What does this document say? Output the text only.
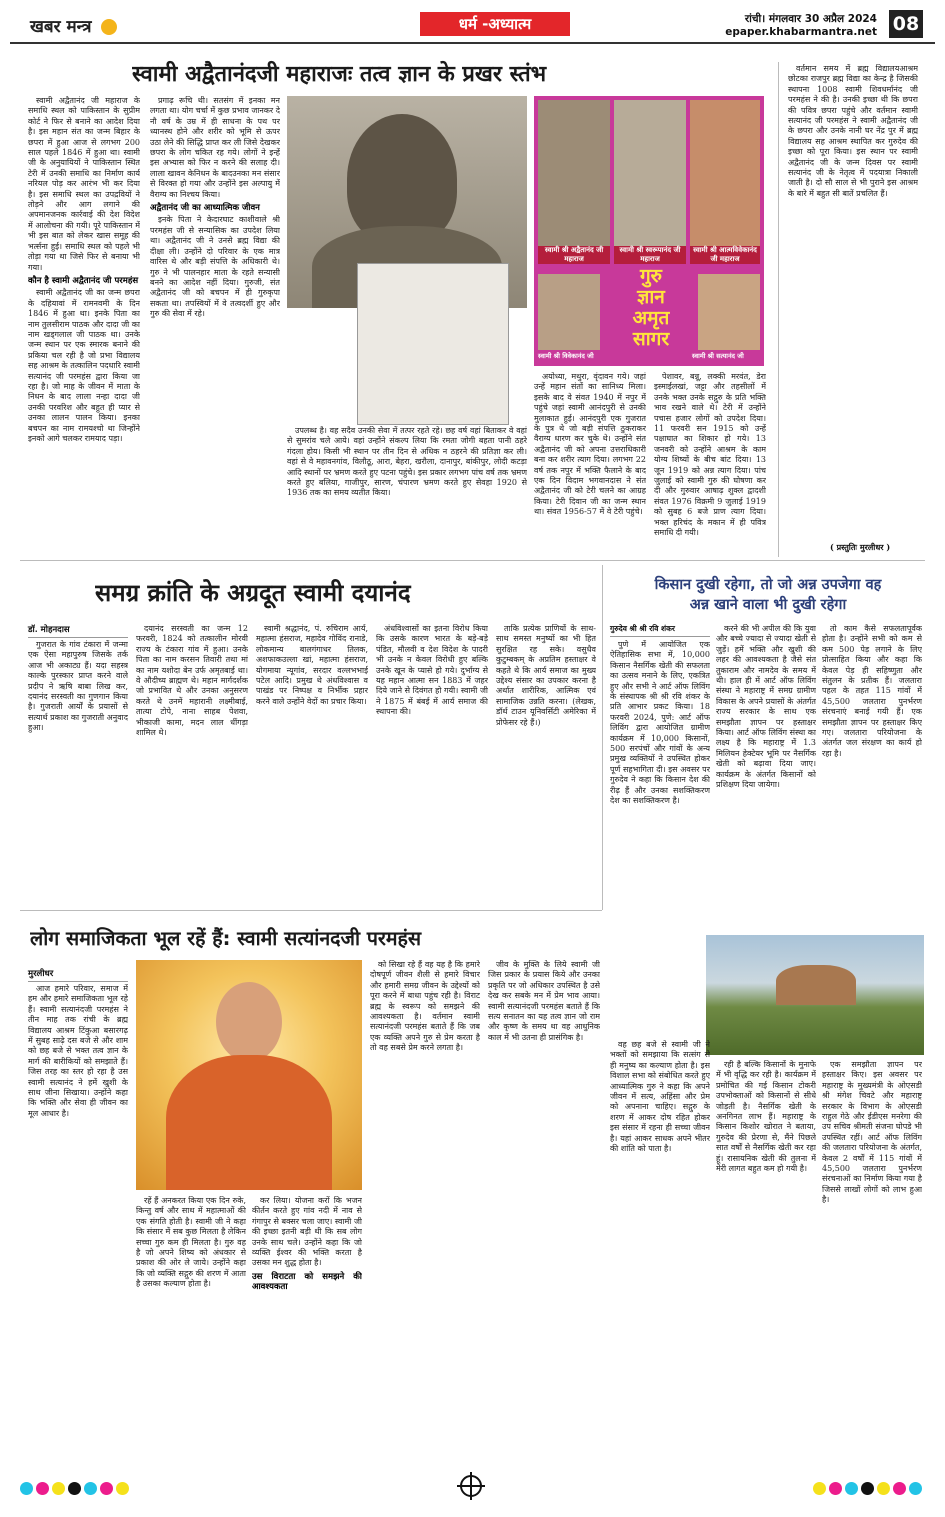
खबर मन्त्र	धर्म -अध्यात्म	रांची। मंगलवार 30 अप्रैल 2024
epaper.khabarmantra.net 08
स्वामी अद्वैतानंदजी महाराजः तत्व ज्ञान के प्रखर स्तंभ

स्वामी अद्वैतानंद जी महाराज के समाधि स्थल को पाकिस्तान के सुप्रीम कोर्ट ने फिर से बनाने का आदेश दिया है। इस महान संत का जन्म बिहार के छपरा में हुआ आज से लगभग 200 साल पहले 1846 में हुआ था। स्वामी जी के अनुयायियों ने पाकिस्तान स्थित टेरी में उनकी समाधि का निर्माण कार्य नरियल पोड़ कर आरंभ भी कर दिया है। इस समाधि स्थल का उपद्रवियों ने तोड़ने और आग लगाने की अपमानजनक कार्रवाई की देश विदेश में आलोचना की गयी। पूरे पाकिस्तान में भी इस बात को लेकर खास समूह की भर्त्सना हुई। समाधि स्थल को पहले भी तोड़ा गया था जिसे फिर से बनाया भी गया।

कौन है स्वामी अद्वैतानंद जी परमहंस

स्वामी अद्वैतानंद जी का जन्म छपरा के दहियावां में रामनवमी के दिन 1846 में हुआ था। इनके पिता का नाम तुलसीराम पाठक और दादा जी का नाम खड्गलाल जी पाठक था। उनके जन्म स्थान पर एक स्मारक बनाने की प्रकिया चल रही है जो प्रभा विद्यालय सह आश्रम के तत्कालिन पदधारि स्वामी सत्यानंद जी परमहंस द्वारा किया जा रहा है। जो माह के जीवन में माता के निधन के बाद लाला नन्हा दादा जी उनकी परवरिश और बहुत ही प्यार से उनका लालन पालन किया। इनका बचपन का नाम रामयश्चो था जिन्होंने इनको आगे चलकर रामयाद पड़ा।

प्रगाढ़ रूचि थी। सतसंग में इनका मन लगता था। योग चर्चा में कुछ प्रभाव जानकर दे नौ वर्ष के उम्र में ही साधना के पथ पर ध्यानस्थ होने और शरीर को भूमि से ऊपर उठा लेने की सिद्धि प्राप्त कर ली जिसे देखकर छपरा के लोग चकित रह गये। लोगों ने इन्हें इस अभ्यास को फिर न करने की सलाह दी। लाला खावन केनिधन के बादउनका मन संसार से विरक्त हो गया और उन्होंने इस अल्पायु में वैराग्य का निश्चय किया।

अद्वैतानंद जी का आध्यात्मिक जीवन

इनके पिता ने केदारघाट काशीवाले श्री परमहंस जी से सन्यासिक का उपदेश लिया था। अद्वैतानंद जी ने उनसे ब्रह्म विद्या की दीक्षा ली। उन्होंने दो परिवार के एक मात्र वारिस थे और बड़ी संपत्ति के अधिकारी थे। गुरु ने भी पालनहार माता के रहते सन्यासी बनने का आदेश नहीं दिया। गुरुजी, संत अद्वैतानंद जी को बचपन में ही गुरुकृपा सकता था। तपस्वियों में वे तत्वदर्शी हुए और गुरु की सेवा में रहे।

उपलब्ध है। वह सदैव उनकी सेवा में तत्पर रहते रहे। छह वर्ष वहां बिताकर वे वहां से सुमरांव चले आये। वहां उन्होंने संकल्प लिया कि रमता जोगी बहता पानी ठहरे गंदला होय। किसी भी स्थान पर तीन दिन से अधिक न ठहरने की प्रतिज्ञा कर ली। वहां से वे महावनगांव, विलौठू, आरा, बेहरा, खरौला, दानापुर, बांकीपुर, लोदी कटड़ा आदि स्थानों पर भ्रमण करते हुए पटना पहुंचे। इस प्रकार लगभग पांच वर्ष तक भ्रमण करते हुए बलिया, गाजीपुर, सारण, चंपारण भ्रमण करते हुए सेवहा 1920 से 1936 तक का समय व्यतीत किया।

स्वामी श्री अद्वैतानंद जी महाराज
स्वामी श्री स्वरूपानंद जी महाराज
स्वामी श्री आत्मविवेकानंद जी महाराज
स्वामी श्री विवेकानंद जी	स्वामी श्री सत्यानंद जी
गुरु
ज्ञान
अमृत
सागर

अयोध्या, मथुरा, वृंदावन गये। जहां उन्हें महान संतों का सानिध्य मिला। इसके बाद वे संवत 1940 में नपुर में पहुंचे जहां स्वामी आनंदपुरी से उनकी मुलाकात हुई। आनंदपुरी एक गुजरात के पुत्र थे जो बड़ी संपत्ति ठुकराकर वैराग्य धारण कर चुके थे। उन्होंने संत अद्वैतानंद जी को अपना उत्तराधिकारी बना कर शरीर त्याग दिया। लगभग 22 वर्ष तक नपुर में भक्ति फैलाने के बाद एक दिन विदाम भगवानदास ने संत अद्वैतानंद जी को टेरी चलने का आग्रह किया। टेरी दिवान जी का जन्म स्थान था। संवत 1956-57 में वे टेरी पहुंचे।

पेशावर, बन्नू, लक्की मरवंत, डेरा इस्माईलखां, जट्टा और तहसीलों में उनके भक्त उनके सद्गुरु के प्रति भक्ति भाव रखने वाले थे। टेरी में उन्होंने पचास हजार लोगों को उपदेश दिया। 11 फरवरी सन 1915 को उन्हें पक्षाघात का शिकार हो गये। 13 जनवरी को उन्होंने आश्रम के काम योग्य शिष्यों के बीच बांट दिया। 13 जून 1919 को अन्न त्याग दिया। पांच जुलाई को स्वामी गुरु की घोषणा कर दी और गुरुवार आषाढ़ शुक्ल द्वादशी संवत 1976 विक्रमी 9 जुलाई 1919 को सुबह 6 बजे प्राण त्याग दिया। भक्त हरिचंद के मकान में ही पवित्र समाधि दी गयी।

वर्तमान समय में ब्रह्म विद्यालयआश्रम छोटका राजपुर ब्रह्म विद्या का केन्द्र है जिसकी स्थापना 1008 स्वामी शिवधर्मानंद जी परमहंस ने की है। उनकी इच्छा थी कि छपरा की पवित्र छपरा पहुंचे और वर्तमान स्वामी सत्यानंद जी परमहंस ने स्वामी अद्वैतानंद जी के छपरा और उनके नानी घर नेंद्र पुर में ब्रह्म विद्यालय सह आश्रम स्थापित कर गुरुदेव की इच्छा को पूरा किया। इस स्थान पर स्वामी अद्वैतानंद जी के जन्म दिवस पर स्वामी सत्यानंद जी के नेतृत्व में पदयात्रा निकाली जाती है। दो सौ साल से भी पुराने इस आश्रम के बारे में बहुत सी बातें प्रचलित हैं।

( प्रस्तुतिः मुरलीधर )
समग्र क्रांति के अग्रदूत स्वामी दयानंद
डॉ. मोहनदास

गुजरात के गांव टंकारा में जन्मा एक ऐसा महापुरुष जिसके तर्क आज भी अकाट्य हैं। यदा सहस्त्र काल्के पुरस्कार प्राप्त करने वाले प्रदीप ने ऋषि बाबा लिख कर, दयानंद सरस्वती का गुणगान किया है। गुजराती आर्यों के प्रयासों से सत्यार्थ प्रकाश का गुजराती अनुवाद हुआ।

दयानंद सरस्वती का जन्म 12 फरवरी, 1824 को तत्कालीन मोरवी राज्य के टंकारा गांव में हुआ। उनके पिता का नाम करसन तिवारी तथा मां का नाम यशोदा बेन उर्फ अमृतबाई था। वे औदीच्य ब्राह्मण थे। महान मार्गदर्शक जो प्रभावित थे और उनका अनुसरण करते थे उनमें महारानी लक्ष्मीबाई, तात्या टोपे, नाना साहब पेशवा, भीकाजी कामा, मदन लाल धींगड़ा शामिल थे।

स्वामी श्रद्धानंद, पं. रुचिराम आर्य, महात्मा हंसराज, महादेव गोविंद रानाडे, लोकमान्य बालगंगाधर तिलक, अशफाकउल्ला खां, महात्मा हंसराज, योगमाया न्यूगांव, सरदार वल्लभभाई पटेल आदि। प्रमुख थे अंधविश्वास व पाखंड पर निष्पक्ष व निर्भीक प्रहार करने वाले उन्होंने वेदों का प्रचार किया।

अंधविश्वासों का इतना विरोध किया कि उसके कारण भारत के बड़े-बड़े पंडित, मौलवी व देश विदेश के पादरी भी उनके न केवल विरोधी हुए बल्कि उनके खून के प्यासे हो गये। दुर्भाग्य से यह महान आत्मा सन 1883 में जहर दिये जाने से दिवंगत हो गयी। स्वामी जी ने 1875 में बंबई में आर्य समाज की स्थापना की।

ताकि प्रत्येक प्राणियों के साथ-साथ समस्त मनुष्यों का भी हित सुरक्षित रह सके। वसुधैव कुटुम्बकम् के अप्रतिम हस्ताक्षर वे कहते थे कि आर्य समाज का मुख्य उद्देश्य संसार का उपकार करना है अर्थात शारीरिक, आत्मिक एवं सामाजिक उन्नति करना। (लेखक, डॉर्थ टाउन यूनिवर्सिटी अमेरिका में प्रोफेसर रहे हैं।)

किसान दुखी रहेगा, तो जो अन्न उपजेगा वह
अन्न खाने वाला भी दुखी रहेगा
गुरुदेव श्री श्री रवि शंकर

पुणे में आयोजित एक ऐतिहासिक सभा में, 10,000 किसान नैसर्गिक खेती की सफलता का उत्सव मनाने के लिए, एकत्रित हुए और सभी ने आर्ट ऑफ लिविंग के संस्थापक श्री श्री रवि शंकर के प्रति आभार प्रकट किया। 18 फरवरी 2024, पुणे: आर्ट ऑफ लिविंग द्वारा आयोजित ग्रामीण कार्यक्रम में 10,000 किसानों, 500 सरपंचों और गांवों के अन्य प्रमुख व्यक्तियों ने उपस्थित होकर पूर्ण सहभागिता दी। इस अवसर पर गुरुदेव ने कहा कि किसान देश की रीढ़ हैं और उनका सशक्तिकरण देश का सशक्तिकरण है।

करने की भी अपील की कि युवा और बच्चे ज्यादा से ज्यादा खेती से जुड़ें। हमें भक्ति और खुशी की लहर की आवश्यकता है जैसे संत तुकाराम और नामदेव के समय में थी। हाल ही में आर्ट ऑफ लिविंग संस्था ने महाराष्ट्र में समग्र ग्रामीण विकास के अपने प्रयासों के अंतर्गत राज्य सरकार के साथ एक समझौता ज्ञापन पर हस्ताक्षर किया। आर्ट ऑफ लिविंग संस्था का लक्ष्य है कि महाराष्ट्र में 1.3 मिलियन हेक्टेयर भूमि पर नैसर्गिक खेती को बढ़ावा दिया जाए। कार्यक्रम के अंतर्गत किसानों को प्रशिक्षण दिया जायेगा।

तो काम कैसे सफलतापूर्वक होता है। उन्होंने सभी को कम से कम 500 पेड़ लगाने के लिए प्रोत्साहित किया और कहा कि केवल पेड़ ही सहिष्णुता और संतुलन के प्रतीक हैं। जलतारा पहल के तहत 115 गांवों में 45,500 जलतारा पुनर्भरण संरचनाएं बनाई गयी हैं। एक समझौता ज्ञापन पर हस्ताक्षर किए गए। जलतारा परियोजना के अंतर्गत जल संरक्षण का कार्य हो रहा है।

लोग समाजिकता भूल रहें हैं: स्वामी सत्यांनदजी परमहंस
मुरलीधर

आज हमारे परिवार, समाज में हम और हमारे समाजिकता भूल रहे हैं। स्वामी सत्यानंदजी परमहंस ने तीन माह तक रांची के ब्रह्म विद्यालय आश्रम टिंकुआ बसारगढ़ में सुबह साढ़े दस बजे से और शाम को छह बजे से भक्त तत्व ज्ञान के मार्ग की बारीकियों को समझाते हैं। जिस तरह का स्तर हो रहा है उस स्वामी सत्यानंद ने हमें खुशी के साथ जीना सिखाया। उन्होंने कहा कि भक्ति और सेवा ही जीवन का मूल आधार है।

रहें हैं अनकरत किया एक दिन रुके, किन्तु वर्ष और साथ में महात्माओं की एक संगति होती है। स्वामी जी ने कहा कि संसार में सब कुछ मिलता है लेकिन सच्चा गुरु कम ही मिलता है। गुरु वह है जो अपने शिष्य को अंधकार से प्रकाश की ओर ले जाये। उन्होंने कहा कि जो व्यक्ति सद्गुरु की शरण में आता है उसका कल्याण होता है।

कर लिया। योजना करों कि भजन कीर्तन करते हुए गांव नदी में नाव से गंगापुर से बक्सर चला जाए। स्वामी जी की इच्छा इतनी बड़ी थी कि सब लोग उनके साथ चले। उन्होंने कहा कि जो व्यक्ति ईश्वर की भक्ति करता है उसका मन शुद्ध होता है।

उस विराटता को समझने की आवश्यकता

को सिखा रहे हैं वह यह है कि हमारे दोषपूर्ण जीवन शैली से हमारे विचार और हमारी समग्र जीवन के उद्देश्यों को पूरा करने में बाधा पहुंच रही है। विराट ब्रह्म के स्वरूप को समझने की आवश्यकता है। वर्तमान स्वामी सत्यानंदजी परमहंस बताते हैं कि जब एक व्यक्ति अपने गुरु से प्रेम करता है तो वह सबसे प्रेम करने लगता है।

जीव के मुक्ति के लिये स्वामी जी जिस प्रकार के प्रयास किये और उनका प्रकृति पर जो अधिकार उपस्थित है उसे देख कर सबके मन में प्रेम भाव आया। स्वामी सत्यानंदजी परमहंस बताते हैं कि सत्य सनातन का यह तत्व ज्ञान जो राम और कृष्ण के समय था वह आधुनिक काल में भी उतना ही प्रासंगिक है।

वह छह बजे से स्वामी जी ने भक्तों को समझाया कि सत्संग से ही मनुष्य का कल्याण होता है। इस विशाल सभा को संबोधित करते हुए आध्यात्मिक गुरु ने कहा कि अपने जीवन में सत्य, अहिंसा और प्रेम को अपनाना चाहिए। सद्गुरु के शरण में आकर दोष रहित होकर इस संसार में रहना ही सच्चा जीवन है। यहां आकर साधक अपने भीतर की शांति को पाता है।

रही है बल्कि किसानों के मुनाफे में भी वृद्धि कर रही है। कार्यक्रम में प्रमोचित की गई किसान टोकरी उपभोक्ताओं को किसानों से सीधे जोड़ती है। नैसर्गिक खेती के अनगिनत लाभ हैं। महाराष्ट्र के किसान किशोर खोरात ने बताया, गुरुदेव की प्रेरणा से, मैंने पिछले सात वर्षों से नैसर्गिक खेती कर रहा हूं। रासायनिक खेती की तुलना में मेरी लागत बहुत कम हो गयी है।

एक समझौता ज्ञापन पर हस्ताक्षर किए। इस अवसर पर महाराष्ट्र के मुख्यमंत्री के ओएसडी श्री मंगेश चिवटे और महाराष्ट्र सरकार के विभाग के ओएसडी राहुल गेठे और ईडीएस मनरेगा की उप सचिव श्रीमती संजना घोपडे भी उपस्थित रहीं। आर्ट ऑफ लिविंग की जलतारा परियोजना के अंतर्गत, केवल 2 वर्षों में 115 गांवों में 45,500 जलतारा पुनर्भरण संरचनाओं का निर्माण किया गया है जिससे लाखों लोगों को लाभ हुआ है।
